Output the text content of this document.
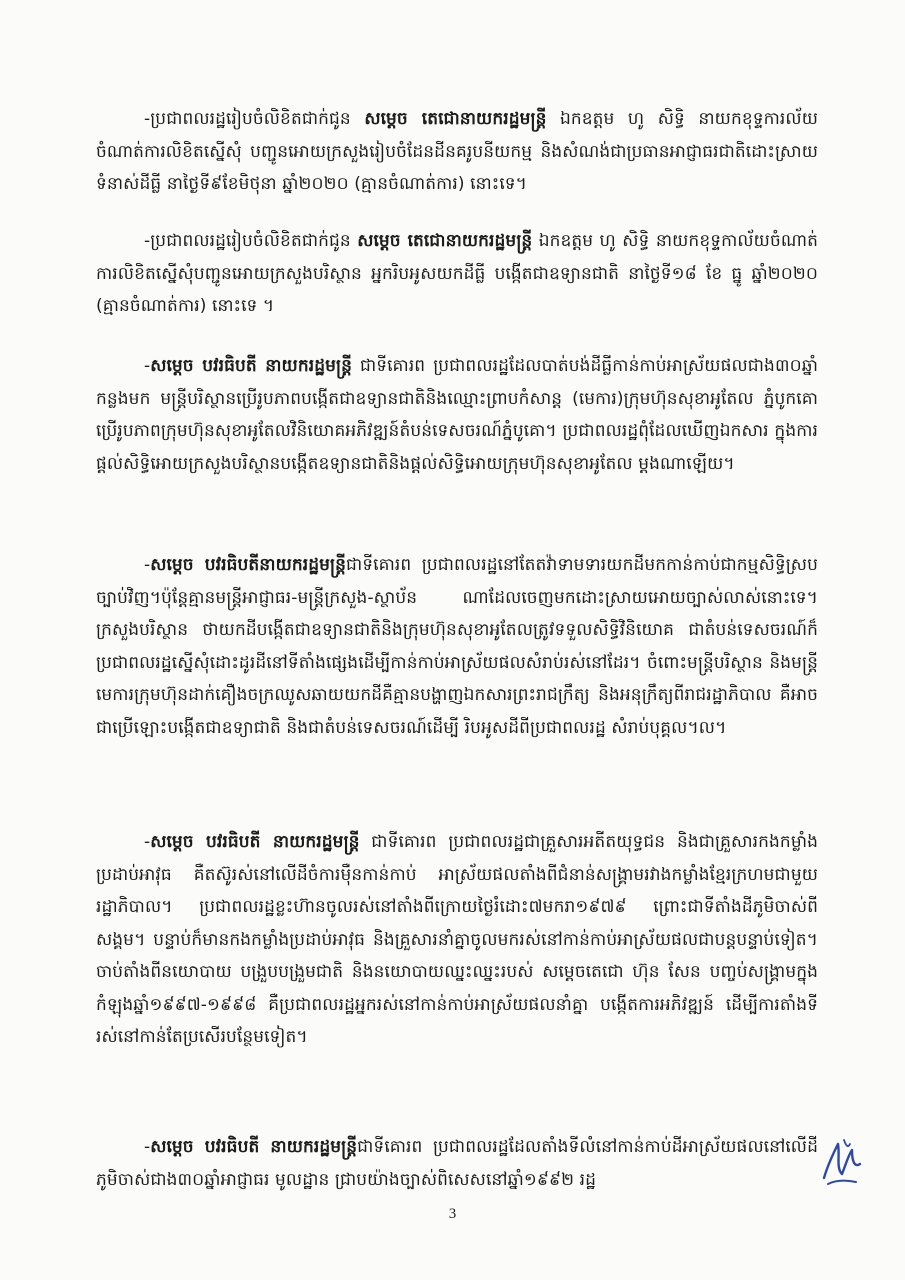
-ប្រជាពលរដ្ឋរៀបចំលិខិតជាក់ជូន សម្តេច តេជោនាយករដ្ឋមន្ត្រី ឯកឧត្តម ហូ សិទ្ធិ នាយកខុទ្ទការល័យចំណាត់ការលិខិតស្នើសុំ បញ្ជូនអោយក្រសួងរៀបចំដែនដីនគរូបនីយកម្ម និងសំណង់ជាប្រធានអាជ្ញាធរជាតិដោះស្រាយទំនាស់ដីធ្លី នាថ្ងៃទី៩ខែមិថុនា ឆ្នាំ២០២០ (គ្មានចំណាត់ការ) នោះទេ។

-ប្រជាពលរដ្ឋរៀបចំលិខិតជាក់ជូន សម្តេច តេជោនាយករដ្ឋមន្ត្រី ឯកឧត្តម ហូ សិទ្ធិ នាយកខុទ្ទកាល័យចំណាត់ការលិខិតស្នើសុំបញ្ជូនអោយក្រសួងបរិស្ថាន អ្នករិបអូសយកដីធ្លី បង្កើតជាឧទ្យានជាតិ នាថ្ងៃទី១៨ ខែ ធ្នូ ឆ្នាំ២០២០ (គ្មានចំណាត់ការ) នោះទេ ។

-សម្តេច បវរធិបតី នាយករដ្ឋមន្ត្រី ជាទីគោរព ប្រជាពលរដ្ឋដែលបាត់បង់ដីធ្លីកាន់កាប់អាស្រ័យផលជាង៣០ឆ្នាំកន្លងមក មន្ត្រីបរិស្ថានប្រើរូបភាពបង្កើតជាឧទ្យានជាតិនិងឈ្មោះព្រាបកំសាន្ត (មេការ)ក្រុមហ៊ុនសុខាអូតែល ភ្នំបូកគោ ប្រើរូបភាពក្រុមហ៊ុនសុខាអូតែលវិនិយោគអភិវឌ្ឍន៍តំបន់ទេសចរណ៍ភ្នំបូគោ។ ប្រជាពលរដ្ឋពុំដែលឃើញឯកសារ ក្នុងការផ្តល់សិទ្ធិអោយក្រសួងបរិស្ថានបង្កើតឧទ្យានជាតិនិងផ្តល់សិទ្ធិអោយក្រុមហ៊ុនសុខាអូតែល ម្តងណាឡើយ។

-សម្តេច បវរធិបតីនាយករដ្ឋមន្ត្រីជាទីគោរព ប្រជាពលរដ្ឋនៅតែតវ៉ាទាមទារយកដីមកកាន់កាប់ជាកម្មសិទ្ធិស្របច្បាប់វិញ។ប៉ុន្តែគ្មានមន្ត្រីអាជ្ញាធរ-មន្ត្រីក្រសួង-ស្ថាប័ន ណាដែលចេញមកដោះស្រាយអោយច្បាស់លាស់នោះទេ។ ក្រសួងបរិស្ថាន ថាយកដីបង្កើតជាឧទ្យានជាតិនិងក្រុមហ៊ុនសុខាអូតែលត្រូវទទួលសិទ្ធិវិនិយោគ ជាតំបន់ទេសចរណ៍ក៏ប្រជាពលរដ្ឋស្នើសុំដោះដូរដីនៅទីតាំងផ្សេងដើម្បីកាន់កាប់អាស្រ័យផលសំរាប់រស់នៅដែរ។ ចំពោះមន្ត្រីបរិស្ថាន និងមន្ត្រីមេការក្រុមហ៊ុនដាក់គឿងចក្រឈូសឆាយយកដីគឺគ្មានបង្ហាញឯកសារព្រះរាជក្រឹត្យ និងអនុក្រឹត្យពីរាជរដ្ឋាភិបាល គឺអាចជាប្រើឡោះបង្កើតជាឧទ្យាជាតិ និងជាតំបន់ទេសចរណ៍ដើម្បី រិបអូសដីពីប្រជាពលរដ្ឋ សំរាប់បុគ្គល។ល។

-សម្តេច បវរធិបតី នាយករដ្ឋមន្ត្រី ជាទីគោរព ប្រជាពលរដ្ឋជាគ្រួសារអតីតយុទ្ធជន និងជាគ្រួសារកងកម្លាំងប្រដាប់អាវុធ គឺតស៊ូរស់នៅលើដីចំការម៉ឺនកាន់កាប់ អាស្រ័យផលតាំងពីជំនាន់សង្គ្រាមរវាងកម្លាំងខ្មែរក្រហមជាមួយរដ្ឋាភិបាល។ ប្រជាពលរដ្ឋខ្លះហ៊ានចូលរស់នៅតាំងពីក្រោយថ្ងៃរំដោះ៧មករា១៩៧៩ ព្រោះជាទីតាំងដីភូមិចាស់ពីសង្គម។ បន្ទាប់ក៏មានកងកម្លាំងប្រដាប់អាវុធ និងគ្រួសារនាំគ្នាចូលមករស់នៅកាន់កាប់អាស្រ័យផលជាបន្តបន្ទាប់ទៀត។ ចាប់តាំងពីនយោបាយ បង្រួបបង្រួមជាតិ និងនយោបាយឈ្នះឈ្នះរបស់ សម្តេចតេជោ ហ៊ុន សែន បញ្ចប់សង្គ្រាមក្នុងកំឡុងឆ្នាំ១៩៩៧-១៩៩៨ គឺប្រជាពលរដ្ឋអ្នករស់នៅកាន់កាប់អាស្រ័យផលនាំគ្នា បង្កើតការអភិវឌ្ឍន៍ ដើម្បីការតាំងទីរស់នៅកាន់តែប្រសើរបន្ថែមទៀត។

-សម្តេច បវរធិបតី នាយករដ្ឋមន្ត្រីជាទីគោរព ប្រជាពលរដ្ឋដែលតាំងទីលំនៅកាន់កាប់ដីអាស្រ័យផលនៅលើដីភូមិចាស់ជាង៣០ឆ្នាំអាជ្ញាធរ មូលដ្ឋាន ជ្រាបយ៉ាងច្បាស់ពិសេសនៅឆ្នាំ១៩៩២ រដ្ឋ

3
